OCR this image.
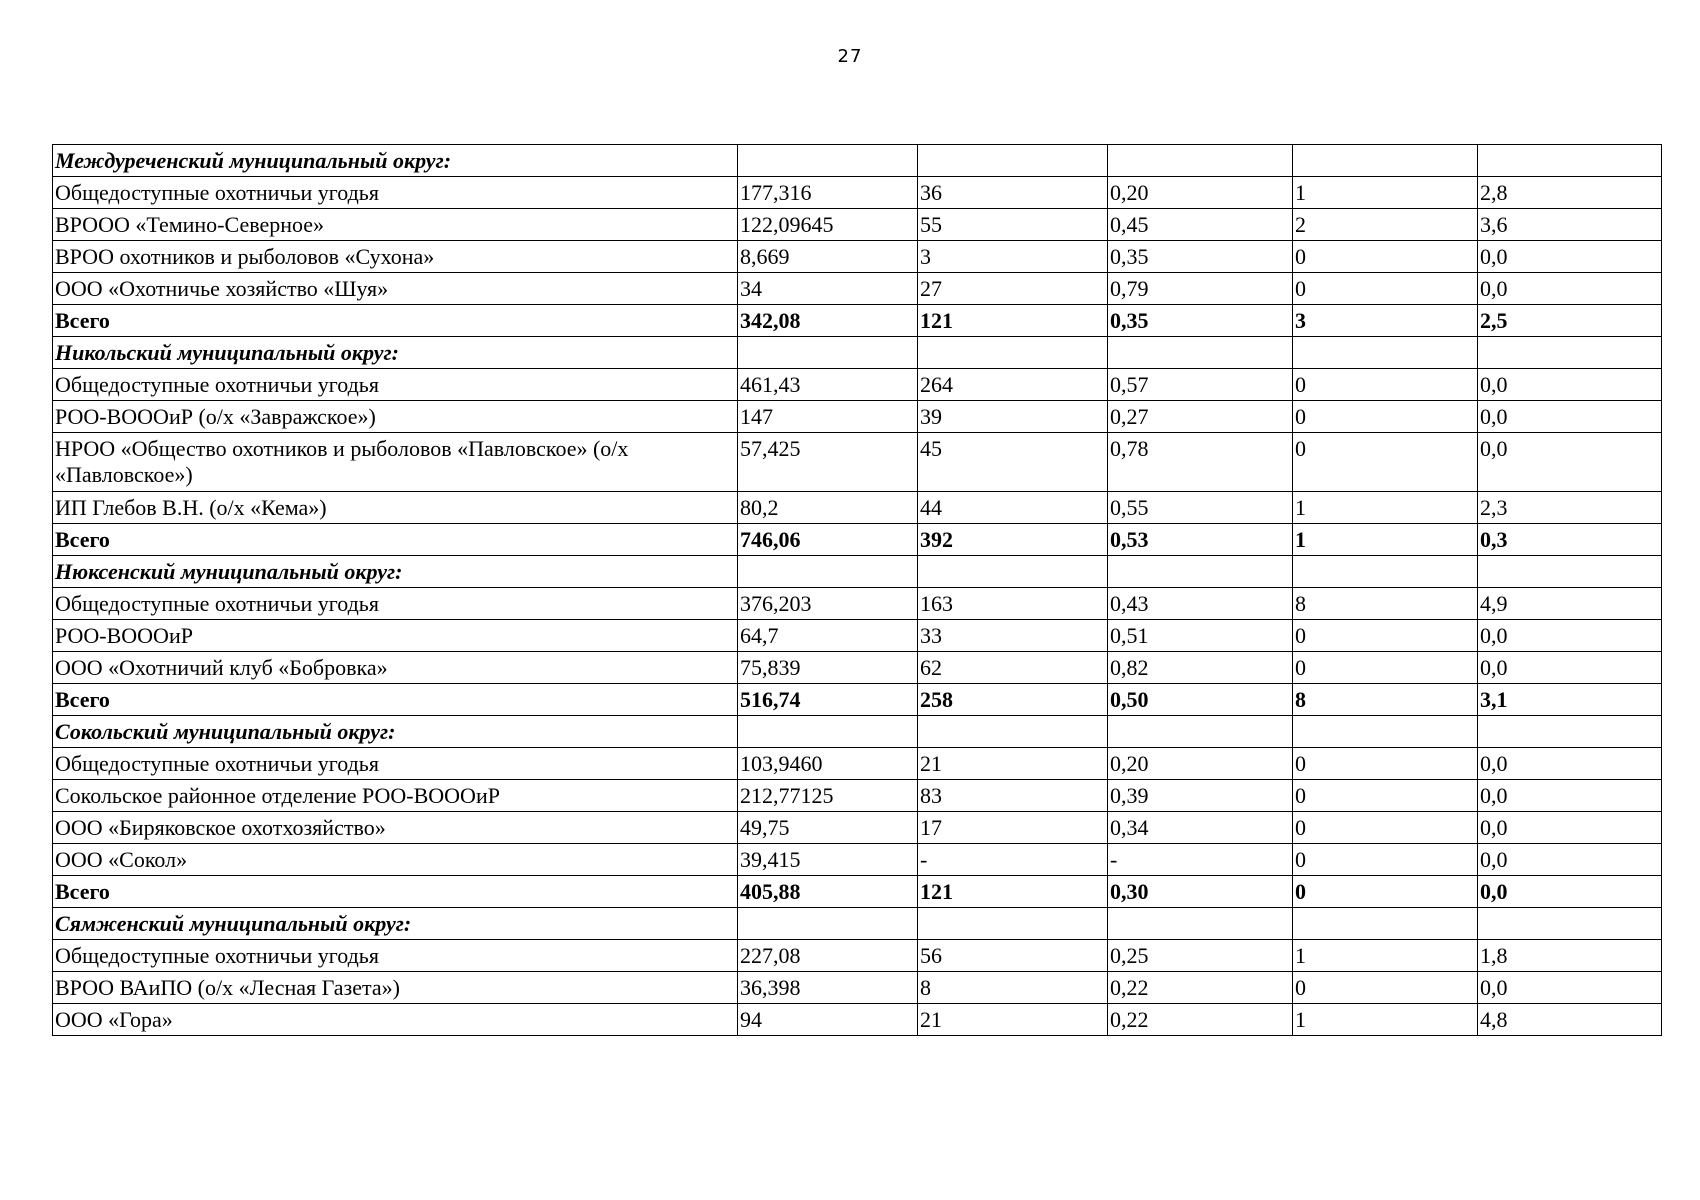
27
Междуреченский муниципальный округ:					
Общедоступные охотничьи угодья	177,316	36	0,20	1	2,8
ВРООО «Темино-Северное»	122,09645	55	0,45	2	3,6
ВРОО охотников и рыболовов «Сухона»	8,669	3	0,35	0	0,0
ООО «Охотничье хозяйство «Шуя»	34	27	0,79	0	0,0
Всего	342,08	121	0,35	3	2,5
Никольский муниципальный округ:					
Общедоступные охотничьи угодья	461,43	264	0,57	0	0,0
РОО-ВОООиР (о/х «Завражское»)	147	39	0,27	0	0,0
НРОО «Общество охотников и рыболовов «Павловское» (о/х «Павловское»)	57,425	45	0,78	0	0,0
ИП Глебов В.Н. (о/х «Кема»)	80,2	44	0,55	1	2,3
Всего	746,06	392	0,53	1	0,3
Нюксенский муниципальный округ:					
Общедоступные охотничьи угодья	376,203	163	0,43	8	4,9
РОО-ВОООиР	64,7	33	0,51	0	0,0
ООО «Охотничий клуб «Бобровка»	75,839	62	0,82	0	0,0
Всего	516,74	258	0,50	8	3,1
Сокольский муниципальный округ:					
Общедоступные охотничьи угодья	103,9460	21	0,20	0	0,0
Сокольское районное отделение РОО-ВОООиР	212,77125	83	0,39	0	0,0
ООО «Биряковское охотхозяйство»	49,75	17	0,34	0	0,0
ООО «Сокол»	39,415	-	-	0	0,0
Всего	405,88	121	0,30	0	0,0
Сямженский муниципальный округ:					
Общедоступные охотничьи угодья	227,08	56	0,25	1	1,8
ВРОО ВАиПО (о/х «Лесная Газета»)	36,398	8	0,22	0	0,0
ООО «Гора»	94	21	0,22	1	4,8
